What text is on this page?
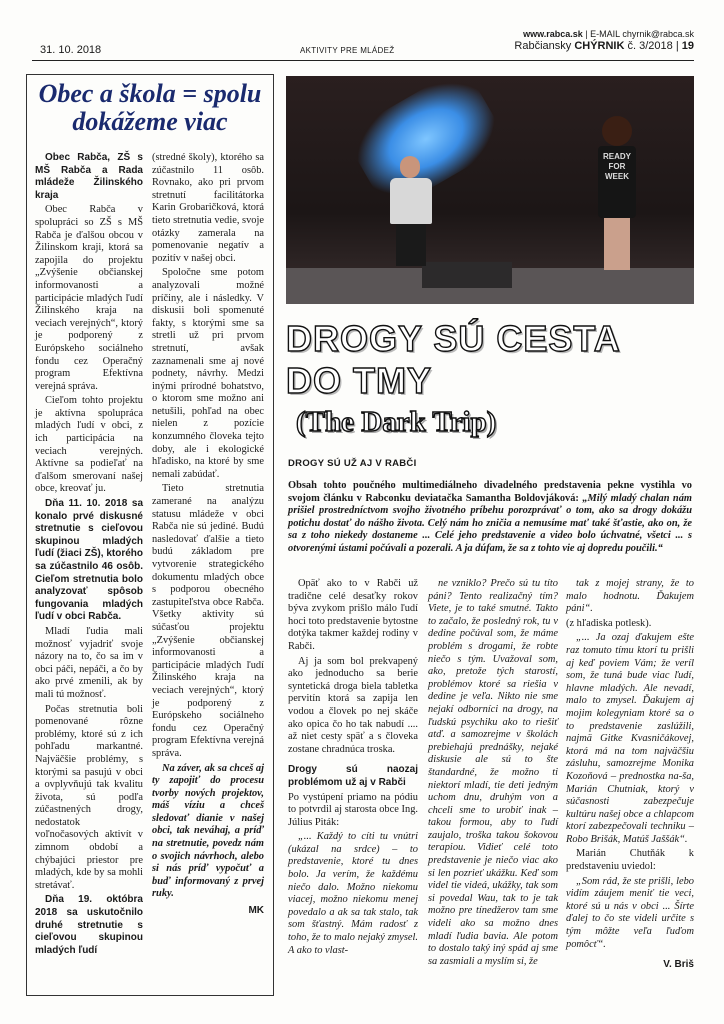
31. 10. 2018	AKTIVITY PRE MLÁDEŽ
www.rabca.sk | E-MAIL chyrnik@rabca.sk
Rabčiansky CHÝRNIK č. 3/2018 | 19
Obec a škola = spolu dokážeme viac

Obec Rabča, ZŠ s MŠ Rabča a Rada mládeže Žilinského kraja

Obec Rabča v spolupráci so ZŠ s MŠ Rabča je ďalšou obcou v Žilinskom kraji, ktorá sa zapojila do projektu „Zvýšenie občianskej informovanosti a participácie mladých ľudí Žilinského kraja na veciach verejných“, ktorý je podporený z Európskeho sociálneho fondu cez Operačný program Efektívna verejná správa.

Cieľom tohto projektu je aktívna spolupráca mladých ľudí v obci, z ich participácia na veciach verejných. Aktívne sa podieľať na ďalšom smerovaní našej obce, kreovať ju.

Dňa 11. 10. 2018 sa konalo prvé diskusné stretnutie s cieľovou skupinou mladých ľudí (žiaci ZŠ), ktorého sa zúčastnilo 46 osôb. Cieľom stretnutia bolo analyzovať spôsob fungovania mladých ľudí v obci Rabča.

Mladí ľudia mali možnosť vyjadriť svoje názory na to, čo sa im v obci páči, nepáči, a čo by ako prvé zmenili, ak by mali tú možnosť.

Počas stretnutia boli pomenované rôzne problémy, ktoré sú z ich pohľadu markantné. Najväčšie problémy, s ktorými sa pasujú v obci a ovplyvňujú tak kvalitu života, sú podľa zúčastnených drogy, nedostatok voľnočasových aktivít v zimnom období a chýbajúci priestor pre mladých, kde by sa mohli stretávať.

Dňa 19. októbra 2018 sa uskutočnilo druhé stretnutie s cieľovou skupinou mladých ľudí

(stredné školy), ktorého sa zúčastnilo 11 osôb. Rovnako, ako pri prvom stretnutí facilitátorka Karin Grobaričková, ktorá tieto stretnutia vedie, svoje otázky zamerala na pomenovanie negatív a pozitív v našej obci.

Spoločne sme potom analyzovali možné príčiny, ale i následky. V diskusii boli spomenuté fakty, s ktorými sme sa stretli už pri prvom stretnutí, avšak zaznamenali sme aj nové podnety, návrhy. Medzi inými prírodné bohatstvo, o ktorom sme možno ani netušili, pohľad na obec nielen z pozície konzumného človeka tejto doby, ale i ekologické hľadisko, na ktoré by sme nemali zabúdať.

Tieto stretnutia zamerané na analýzu statusu mládeže v obci Rabča nie sú jediné. Budú nasledovať ďalšie a tieto budú základom pre vytvorenie strategického dokumentu mladých obce s podporou obecného zastupiteľstva obce Rabča. Všetky aktivity sú súčasťou projektu „Zvýšenie občianskej informovanosti a participácie mladých ľudí Žilinského kraja na veciach verejných“, ktorý je podporený z Európskeho sociálneho fondu cez Operačný program Efektívna verejná správa.

Na záver, ak sa chceš aj ty zapojiť do procesu tvorby nových projektov, máš víziu a chceš sledovať dianie v našej obci, tak neváhaj, a príď na stretnutie, povedz nám o svojich návrhoch, alebo si nás príď vypočuť a buď informovaný z prvej ruky.

MK
READY FOR WEEK
DROGY SÚ CESTA
DO TMY
(The Dark Trip)
DROGY SÚ UŽ AJ V RABČI
Obsah tohto poučného multimediálneho divadelného predstavenia pekne vystihla vo svojom článku v Rabconku deviatačka Samantha Boldovjáková: „Milý mladý chalan nám prišiel prostredníctvom svojho životného príbehu porozprávať o tom, ako sa drogy dokážu potichu dostať do nášho života. Celý nám ho zničia a nemusíme mať také šťastie, ako on, že sa z toho niekedy dostaneme ... Celé jeho predstavenie a video bolo úchvatné, všetci ... s otvorenými ústami počúvali a pozerali. A ja dúfam, že sa z tohto vie aj dopredu poučili.“

Opäť ako to v Rabči už tradične celé desaťky rokov býva zvykom prišlo málo ľudí hoci toto predstavenie bytostne dotýka takmer každej rodiny v Rabči.

Aj ja som bol prekvapený ako jednoducho sa berie syntetická droga biela tabletka pervitín ktorá sa zapija len vodou a človek po nej skáče ako opica čo ho tak nabudí .... až niet cesty späť a s človeka zostane chradnúca troska.

Drogy sú naozaj problémom už aj v Rabči

Po vystúpení priamo na pódiu to potvrdil aj starosta obce Ing. Július Piták:

„... Každý to cíti tu vnútri (ukázal na srdce) – to predstavenie, ktoré tu dnes bolo. Ja verím, že každému niečo dalo. Možno niekomu viacej, možno niekomu menej povedalo a ak sa tak stalo, tak som šťastný. Mám radosť z toho, že to malo nejaký zmysel. A ako to vlast-

ne vzniklo? Prečo sú tu títo páni? Tento realizačný tím? Viete, je to také smutné. Takto to začalo, že posledný rok, tu v dedine počúval som, že máme problém s drogami, že robte niečo s tým. Uvažoval som, ako, pretože tých starostí, problémov ktoré sa riešia v dedine je veľa. Nikto nie sme nejakí odborníci na drogy, na ľudskú psychiku ako to riešiť atď. a samozrejme v školách prebiehajú prednášky, nejaké diskusie ale sú to šte štandardné, že možno ti niektorí mladí, tie deti jedným uchom dnu, druhým von a chceli sme to urobiť inak – takou formou, aby to ľudí zaujalo, troška takou šokovou terapiou. Vidieť celé toto predstavenie je niečo viac ako si len pozrieť ukážku. Keď som videl tie videá, ukážky, tak som si povedal Wau, tak to je tak možno pre tínedžerov tam sme videli ako sa možno dnes mladí ľudia bavia. Ale potom to dostalo taký iný spád aj sme sa zasmiali a myslím si, že

tak z mojej strany, že to malo hodnotu. Ďakujem páni“.

(z hľadiska potlesk).

„... Ja ozaj ďakujem ešte raz tomuto tímu ktorí tu prišli aj keď poviem Vám; že veríl som, že tuná bude viac ľudí, hlavne mladých. Ale nevadí, malo to zmysel. Ďakujem aj mojim kolegyniam ktoré sa o to predstavenie zaslúžili, najmä Gitke Kvasničákovej, ktorá má na tom najväčšiu zásluhu, samozrejme Monika Kozoňová – prednostka na-ša, Marián Chutniak, ktorý v súčasnosti zabezpečuje kultúru našej obce a chlapcom ktorí zabezpečovali techniku – Robo Brišák, Matúš Jaššák“.

Marián Chutňák k predstaveniu uviedol:

„Som rád, že ste prišli, lebo vidím záujem meniť tie veci, ktoré sú u nás v obci ... Šírte ďalej to čo ste videli určite s tým môžte veľa ľuďom pomôcť“.

V. Briš
